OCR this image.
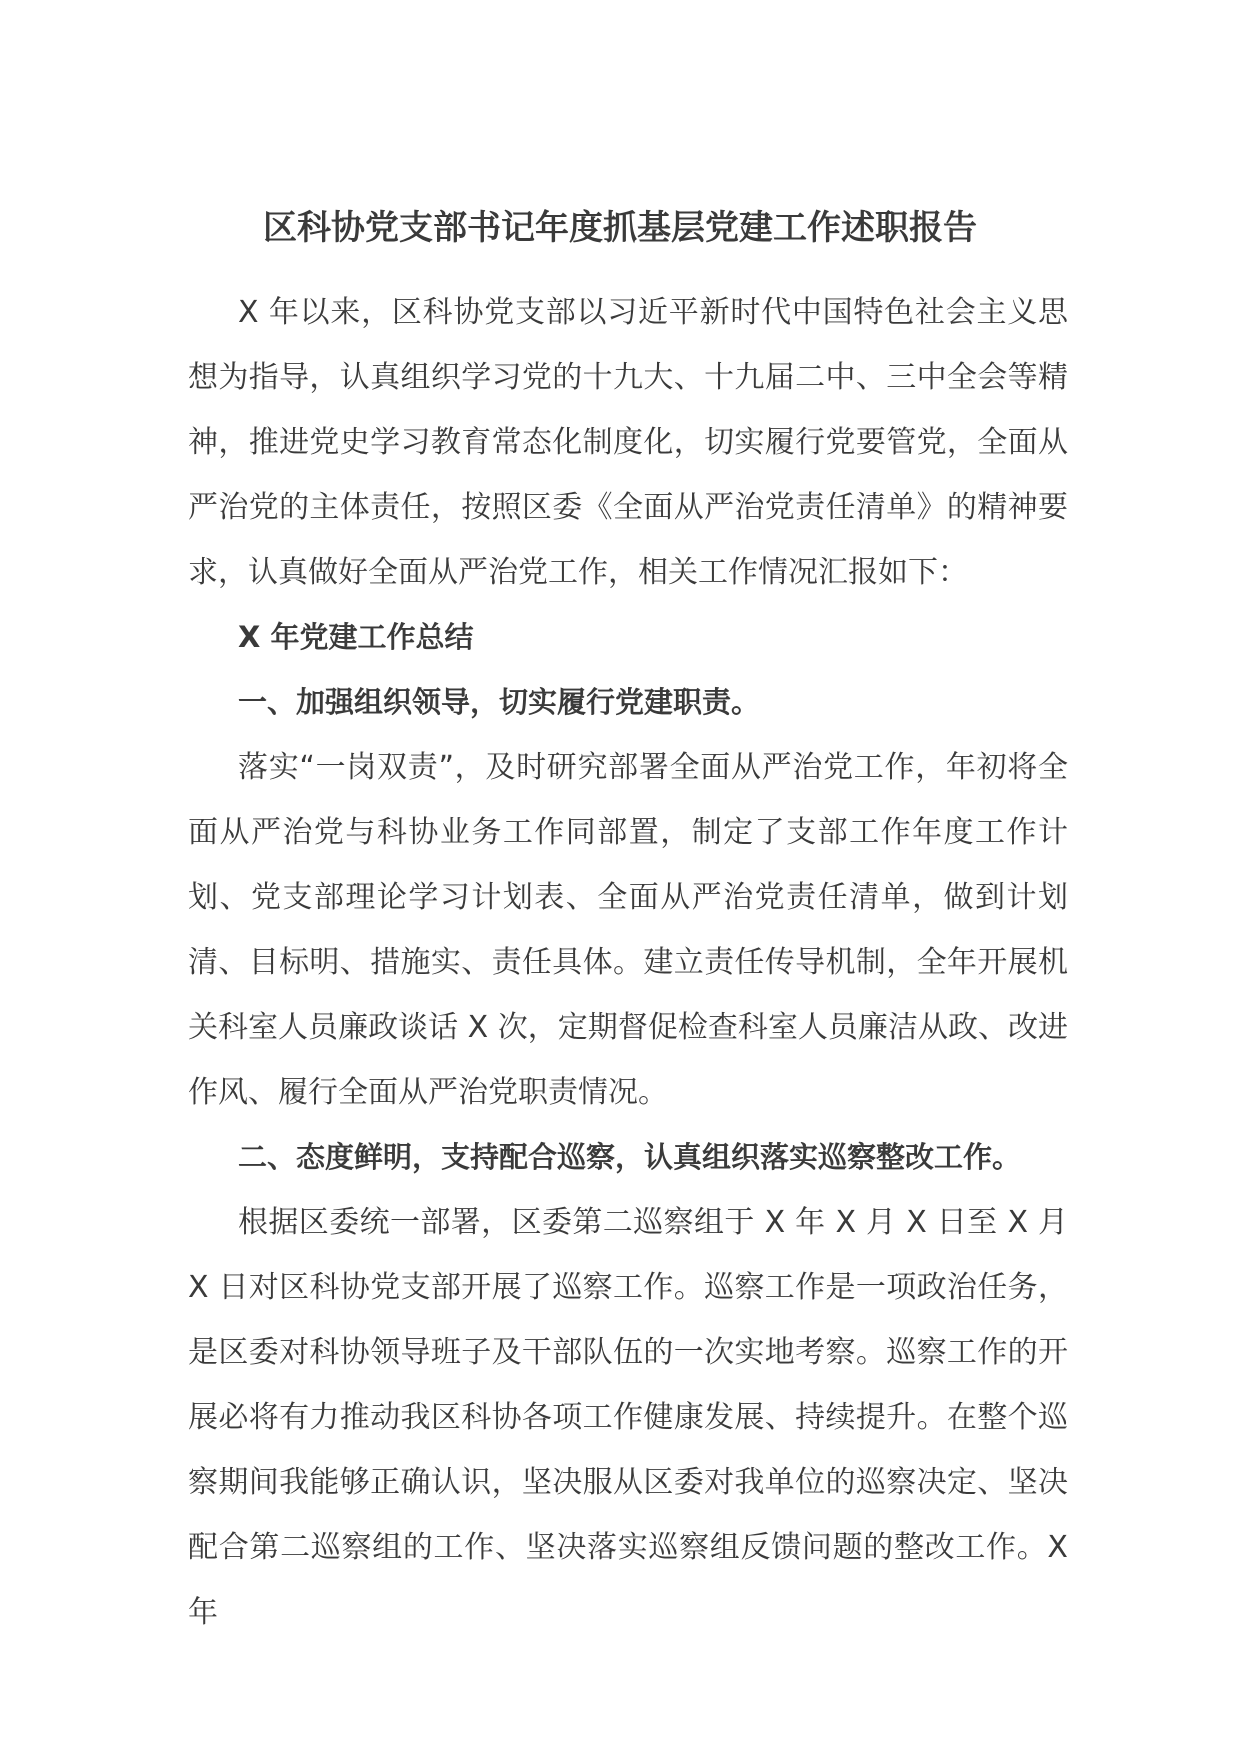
区科协党支部书记年度抓基层党建工作述职报告

X 年以来，区科协党支部以习近平新时代中国特色社会主义思想为指导，认真组织学习党的十九大、十九届二中、三中全会等精神，推进党史学习教育常态化制度化，切实履行党要管党，全面从严治党的主体责任，按照区委《全面从严治党责任清单》的精神要求，认真做好全面从严治党工作，相关工作情况汇报如下：

X 年党建工作总结

一、加强组织领导，切实履行党建职责。

落实“一岗双责”，及时研究部署全面从严治党工作，年初将全面从严治党与科协业务工作同部置，制定了支部工作年度工作计划、党支部理论学习计划表、全面从严治党责任清单，做到计划清、目标明、措施实、责任具体。建立责任传导机制，全年开展机关科室人员廉政谈话 X 次，定期督促检查科室人员廉洁从政、改进作风、履行全面从严治党职责情况。

二、态度鲜明，支持配合巡察，认真组织落实巡察整改工作。

根据区委统一部署，区委第二巡察组于 X 年 X 月 X 日至 X 月 X 日对区科协党支部开展了巡察工作。巡察工作是一项政治任务，是区委对科协领导班子及干部队伍的一次实地考察。巡察工作的开展必将有力推动我区科协各项工作健康发展、持续提升。在整个巡察期间我能够正确认识，坚决服从区委对我单位的巡察决定、坚决配合第二巡察组的工作、坚决落实巡察组反馈问题的整改工作。X 年
